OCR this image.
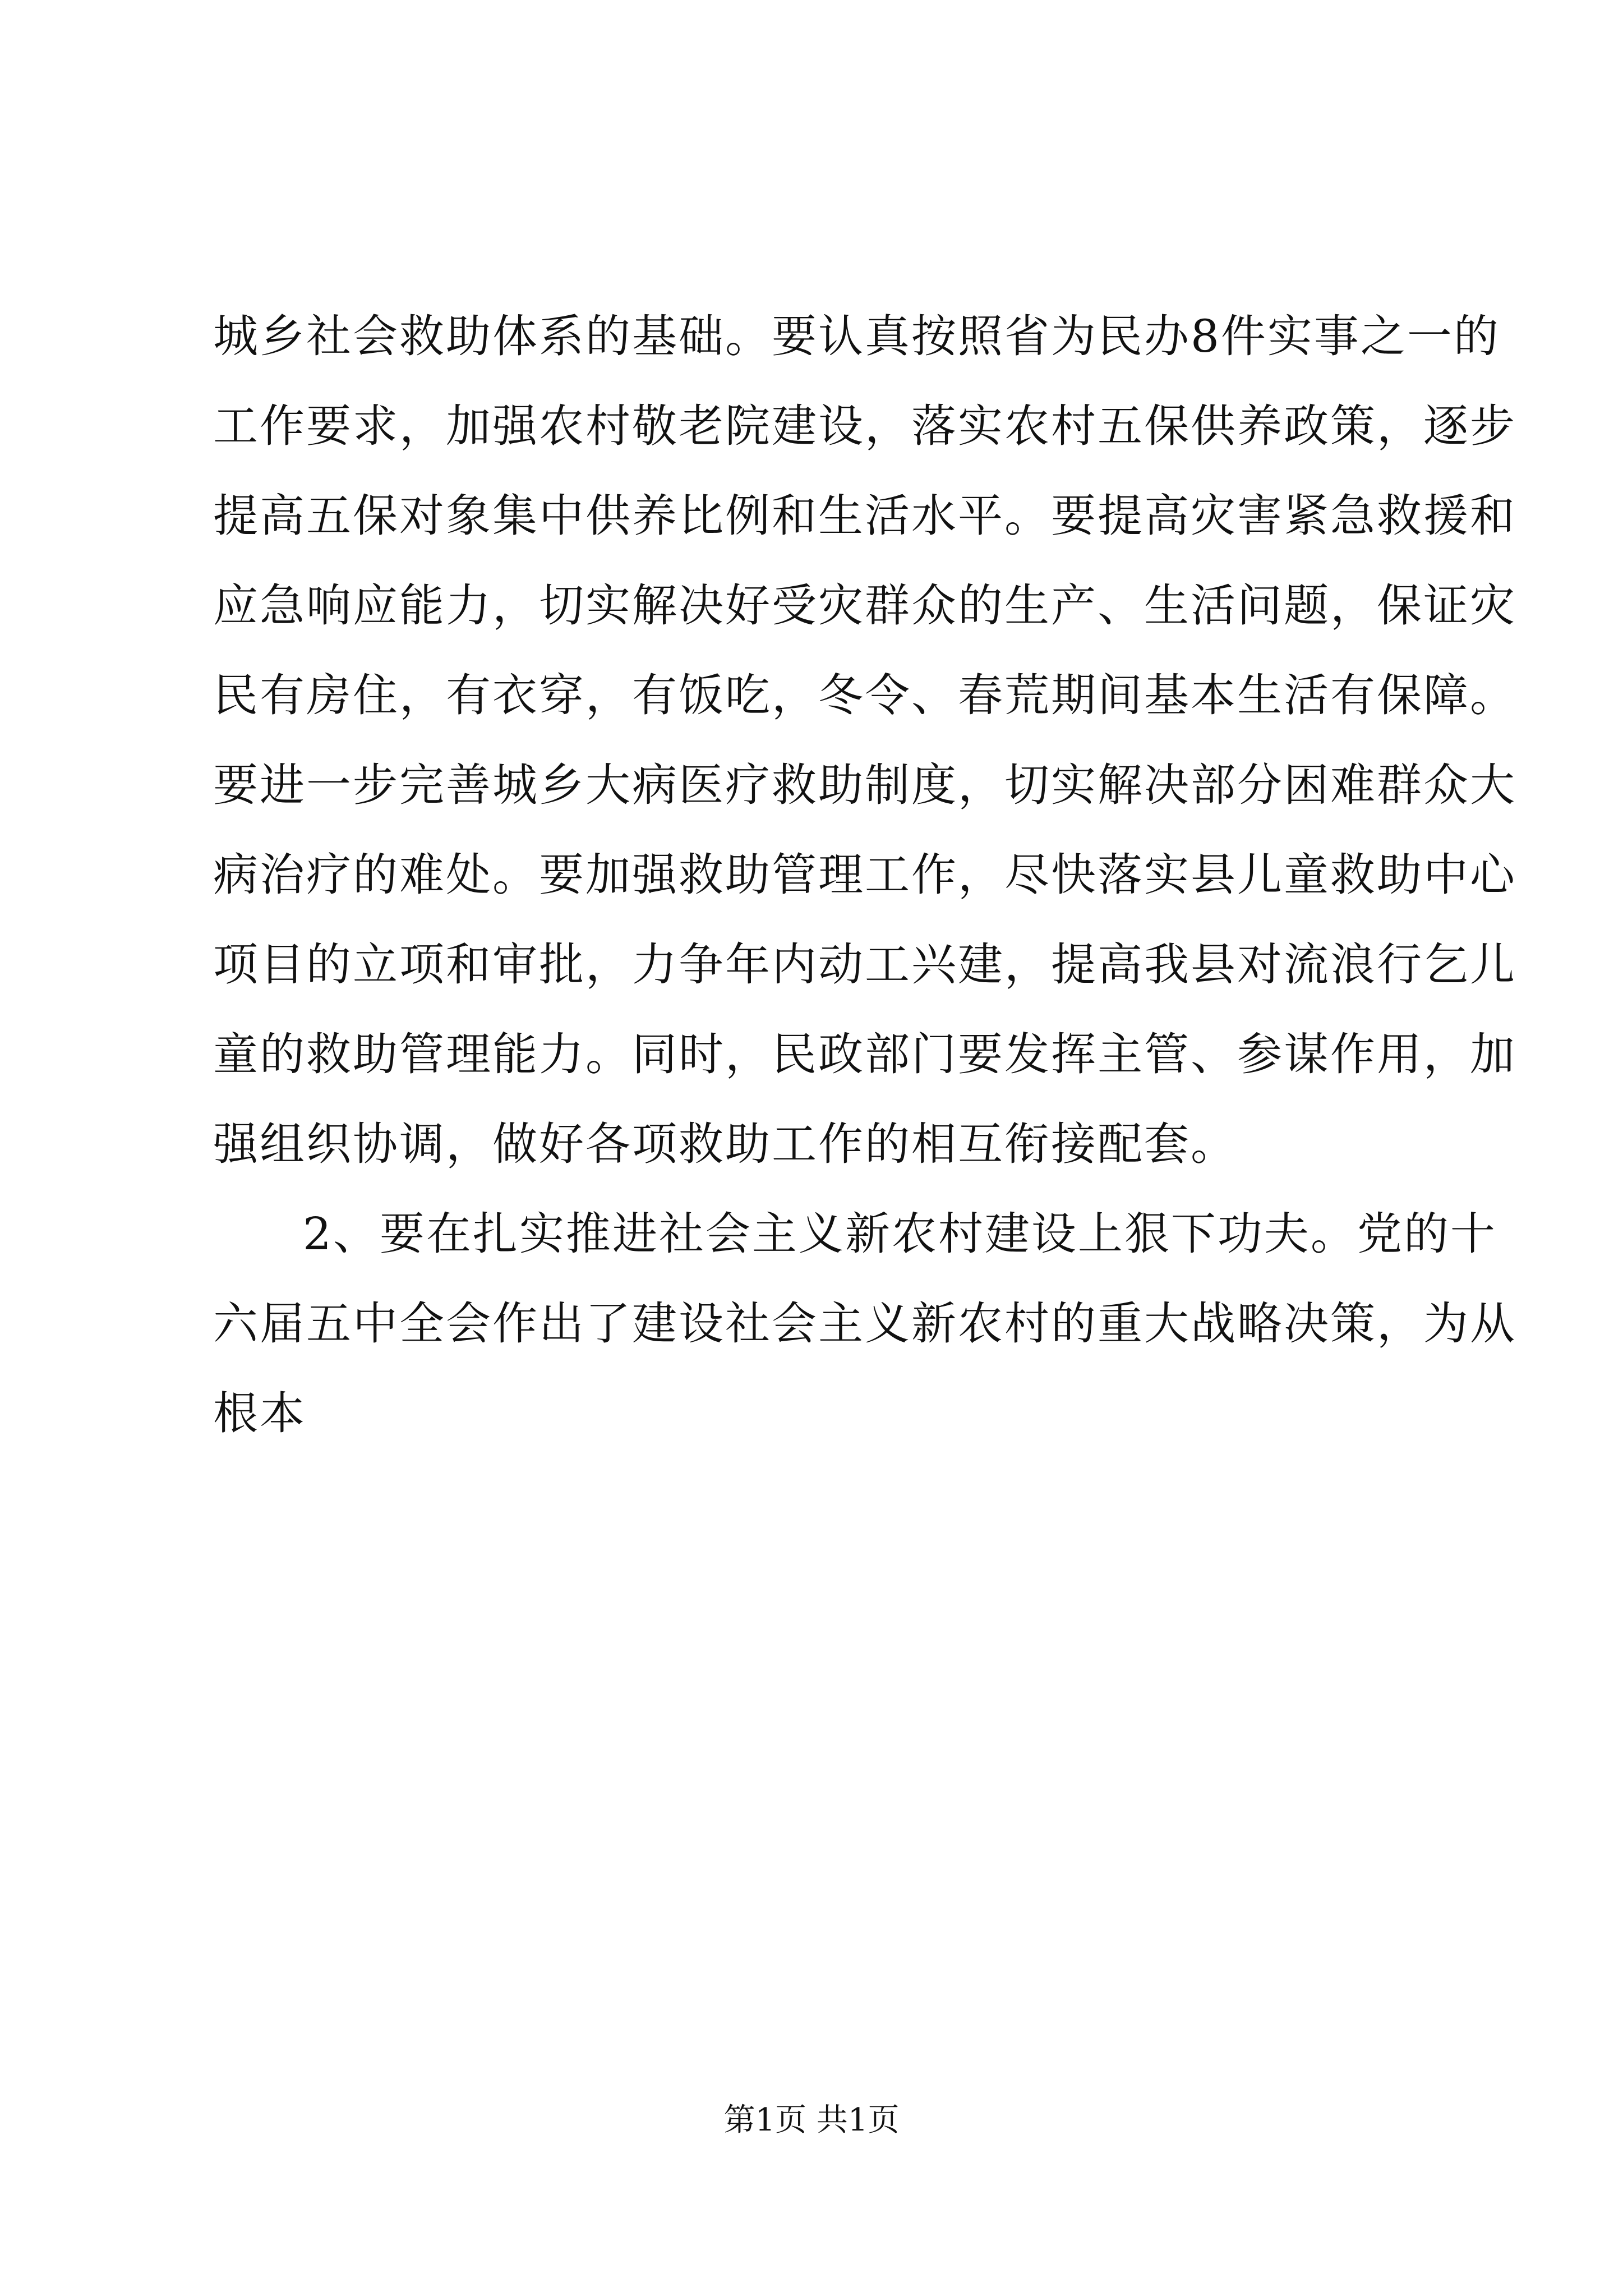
城乡社会救助体系的基础。要认真按照省为民办8件实事之一的
工作要求，加强农村敬老院建设，落实农村五保供养政策，逐步
提高五保对象集中供养比例和生活水平。要提高灾害紧急救援和
应急响应能力，切实解决好受灾群众的生产、生活问题，保证灾
民有房住，有衣穿，有饭吃，冬令、春荒期间基本生活有保障。
要进一步完善城乡大病医疗救助制度，切实解决部分困难群众大
病治疗的难处。要加强救助管理工作，尽快落实县儿童救助中心
项目的立项和审批，力争年内动工兴建，提高我县对流浪行乞儿
童的救助管理能力。同时，民政部门要发挥主管、参谋作用，加
强组织协调，做好各项救助工作的相互衔接配套。
2、要在扎实推进社会主义新农村建设上狠下功夫。党的十
六届五中全会作出了建设社会主义新农村的重大战略决策，为从
根本
第1页 共1页
